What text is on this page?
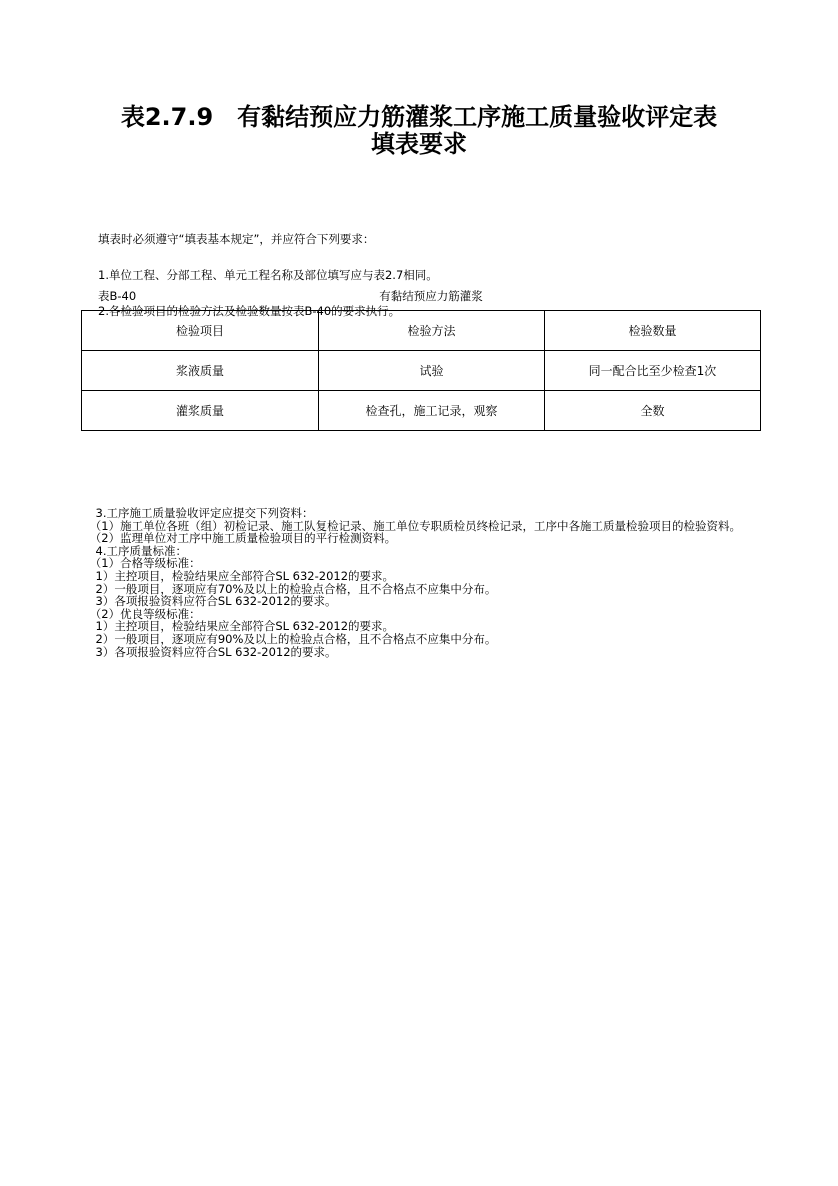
表2.7.9　有黏结预应力筋灌浆工序施工质量验收评定表
填表要求

填表时必须遵守“填表基本规定”，并应符合下列要求：

1.单位工程、分部工程、单元工程名称及部位填写应与表2.7相同。

2.各检验项目的检验方法及检验数量按表B-40的要求执行。

表B-40	有黏结预应力筋灌浆
检验项目	检验方法	检验数量
浆液质量	试验	同一配合比至少检查1次
灌浆质量	检查孔，施工记录，观察	全数
　3.工序施工质量验收评定应提交下列资料：
　（1）施工单位各班（组）初检记录、施工队复检记录、施工单位专职质检员终检记录，工序中各施工质量检验项目的检验资料。
　（2）监理单位对工序中施工质量检验项目的平行检测资料。
　4.工序质量标准：
　（1）合格等级标准：
　1）主控项目，检验结果应全部符合SL 632-2012的要求。
　2）一般项目，逐项应有70%及以上的检验点合格，且不合格点不应集中分布。
　3）各项报验资料应符合SL 632-2012的要求。
　（2）优良等级标准：
　1）主控项目，检验结果应全部符合SL 632-2012的要求。
　2）一般项目，逐项应有90%及以上的检验点合格，且不合格点不应集中分布。
　3）各项报验资料应符合SL 632-2012的要求。
